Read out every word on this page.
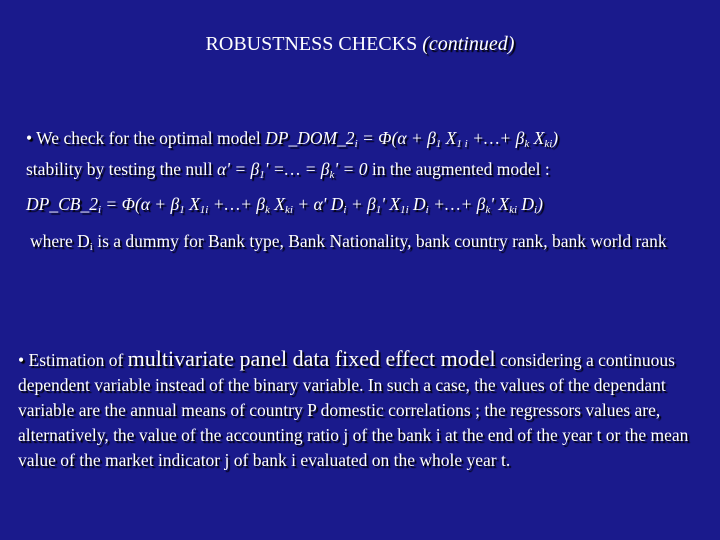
ROBUSTNESS CHECKS (continued)
• We check for the optimal model $DP\_DOM\_2_i = \Phi(\alpha + \beta_1$ $X_{1 i}$ +…+ $\beta_k$ $X_{ki}$)
stability by testing the null $\alpha' = \beta_1'$ =… = $\beta_k' = 0$ in the augmented model :
$DP\_CB\_2_i = \Phi(\alpha + \beta_1$ $X_{1i}$ +…+ $\beta_k$ $X_{ki} + \alpha'$ $D_i + \beta_1'$ $X_{1i}$ $D_i$ +…+ $\beta_k'$ $X_{ki}$ $D_i$)
where $D_i$ is a dummy for Bank type, Bank Nationality, bank country rank, bank world rank
• Estimation of multivariate panel data fixed effect model considering a continuous dependent variable instead of the binary variable. In such a case, the values of the dependant variable are the annual means of country P domestic correlations ; the regressors values are, alternatively, the value of the accounting ratio j of the bank i at the end of the year t or the mean value of the market indicator j of bank i evaluated on the whole year t.
